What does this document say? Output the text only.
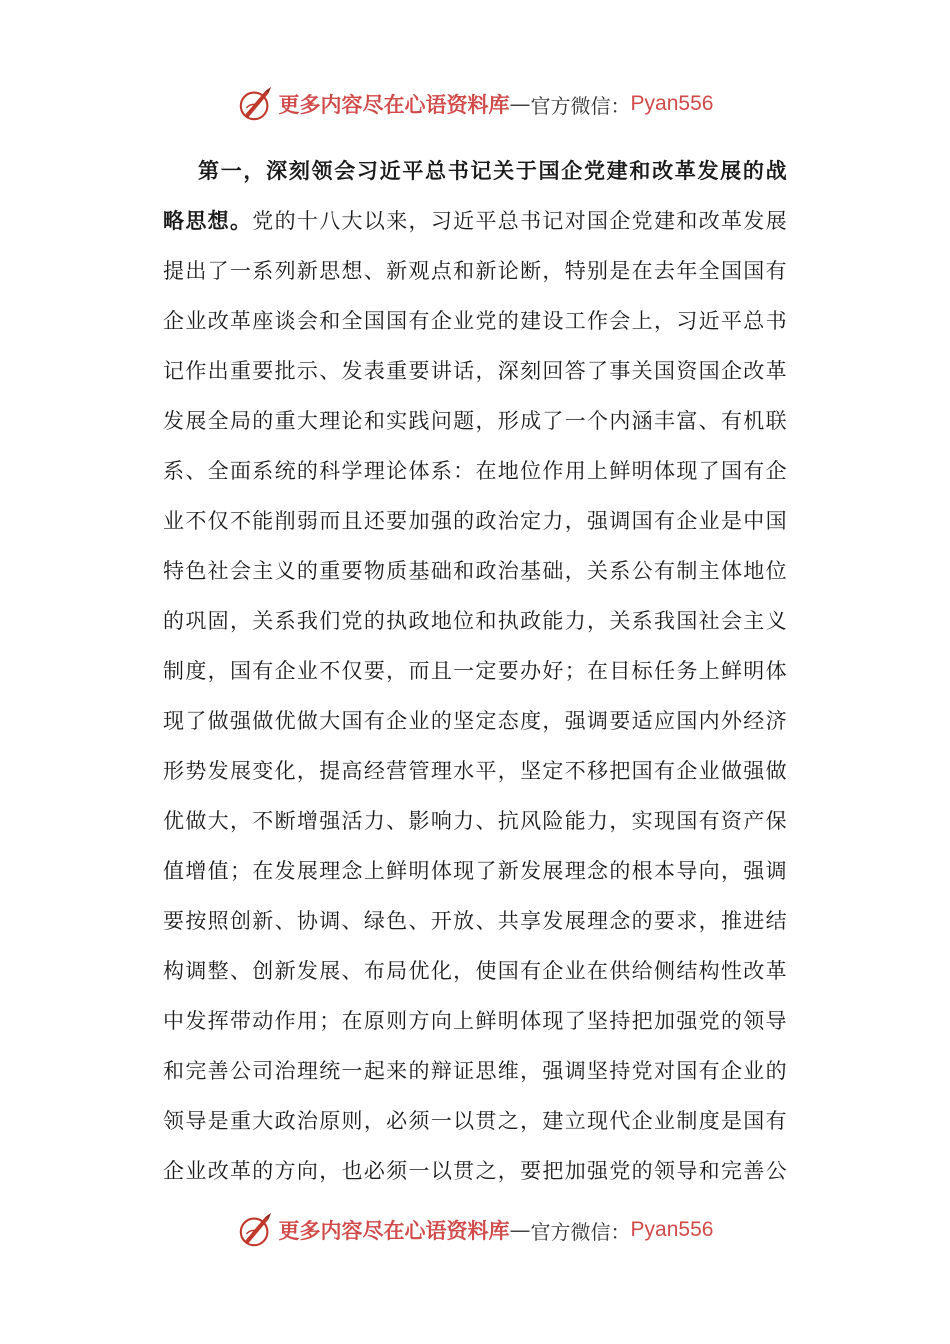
更多内容尽在心语资料库 — 官方微信： Pyan556
第一，深刻领会习近平总书记关于国企党建和改革发展的战
略思想。党的十八大以来，习近平总书记对国企党建和改革发展
提出了一系列新思想、新观点和新论断，特别是在去年全国国有
企业改革座谈会和全国国有企业党的建设工作会上，习近平总书
记作出重要批示、发表重要讲话，深刻回答了事关国资国企改革
发展全局的重大理论和实践问题，形成了一个内涵丰富、有机联
系、全面系统的科学理论体系：在地位作用上鲜明体现了国有企
业不仅不能削弱而且还要加强的政治定力，强调国有企业是中国
特色社会主义的重要物质基础和政治基础，关系公有制主体地位
的巩固，关系我们党的执政地位和执政能力，关系我国社会主义
制度，国有企业不仅要，而且一定要办好；在目标任务上鲜明体
现了做强做优做大国有企业的坚定态度，强调要适应国内外经济
形势发展变化，提高经营管理水平，坚定不移把国有企业做强做
优做大，不断增强活力、影响力、抗风险能力，实现国有资产保
值增值；在发展理念上鲜明体现了新发展理念的根本导向，强调
要按照创新、协调、绿色、开放、共享发展理念的要求，推进结
构调整、创新发展、布局优化，使国有企业在供给侧结构性改革
中发挥带动作用；在原则方向上鲜明体现了坚持把加强党的领导
和完善公司治理统一起来的辩证思维，强调坚持党对国有企业的
领导是重大政治原则，必须一以贯之，建立现代企业制度是国有
企业改革的方向，也必须一以贯之，要把加强党的领导和完善公
更多内容尽在心语资料库 — 官方微信： Pyan556
